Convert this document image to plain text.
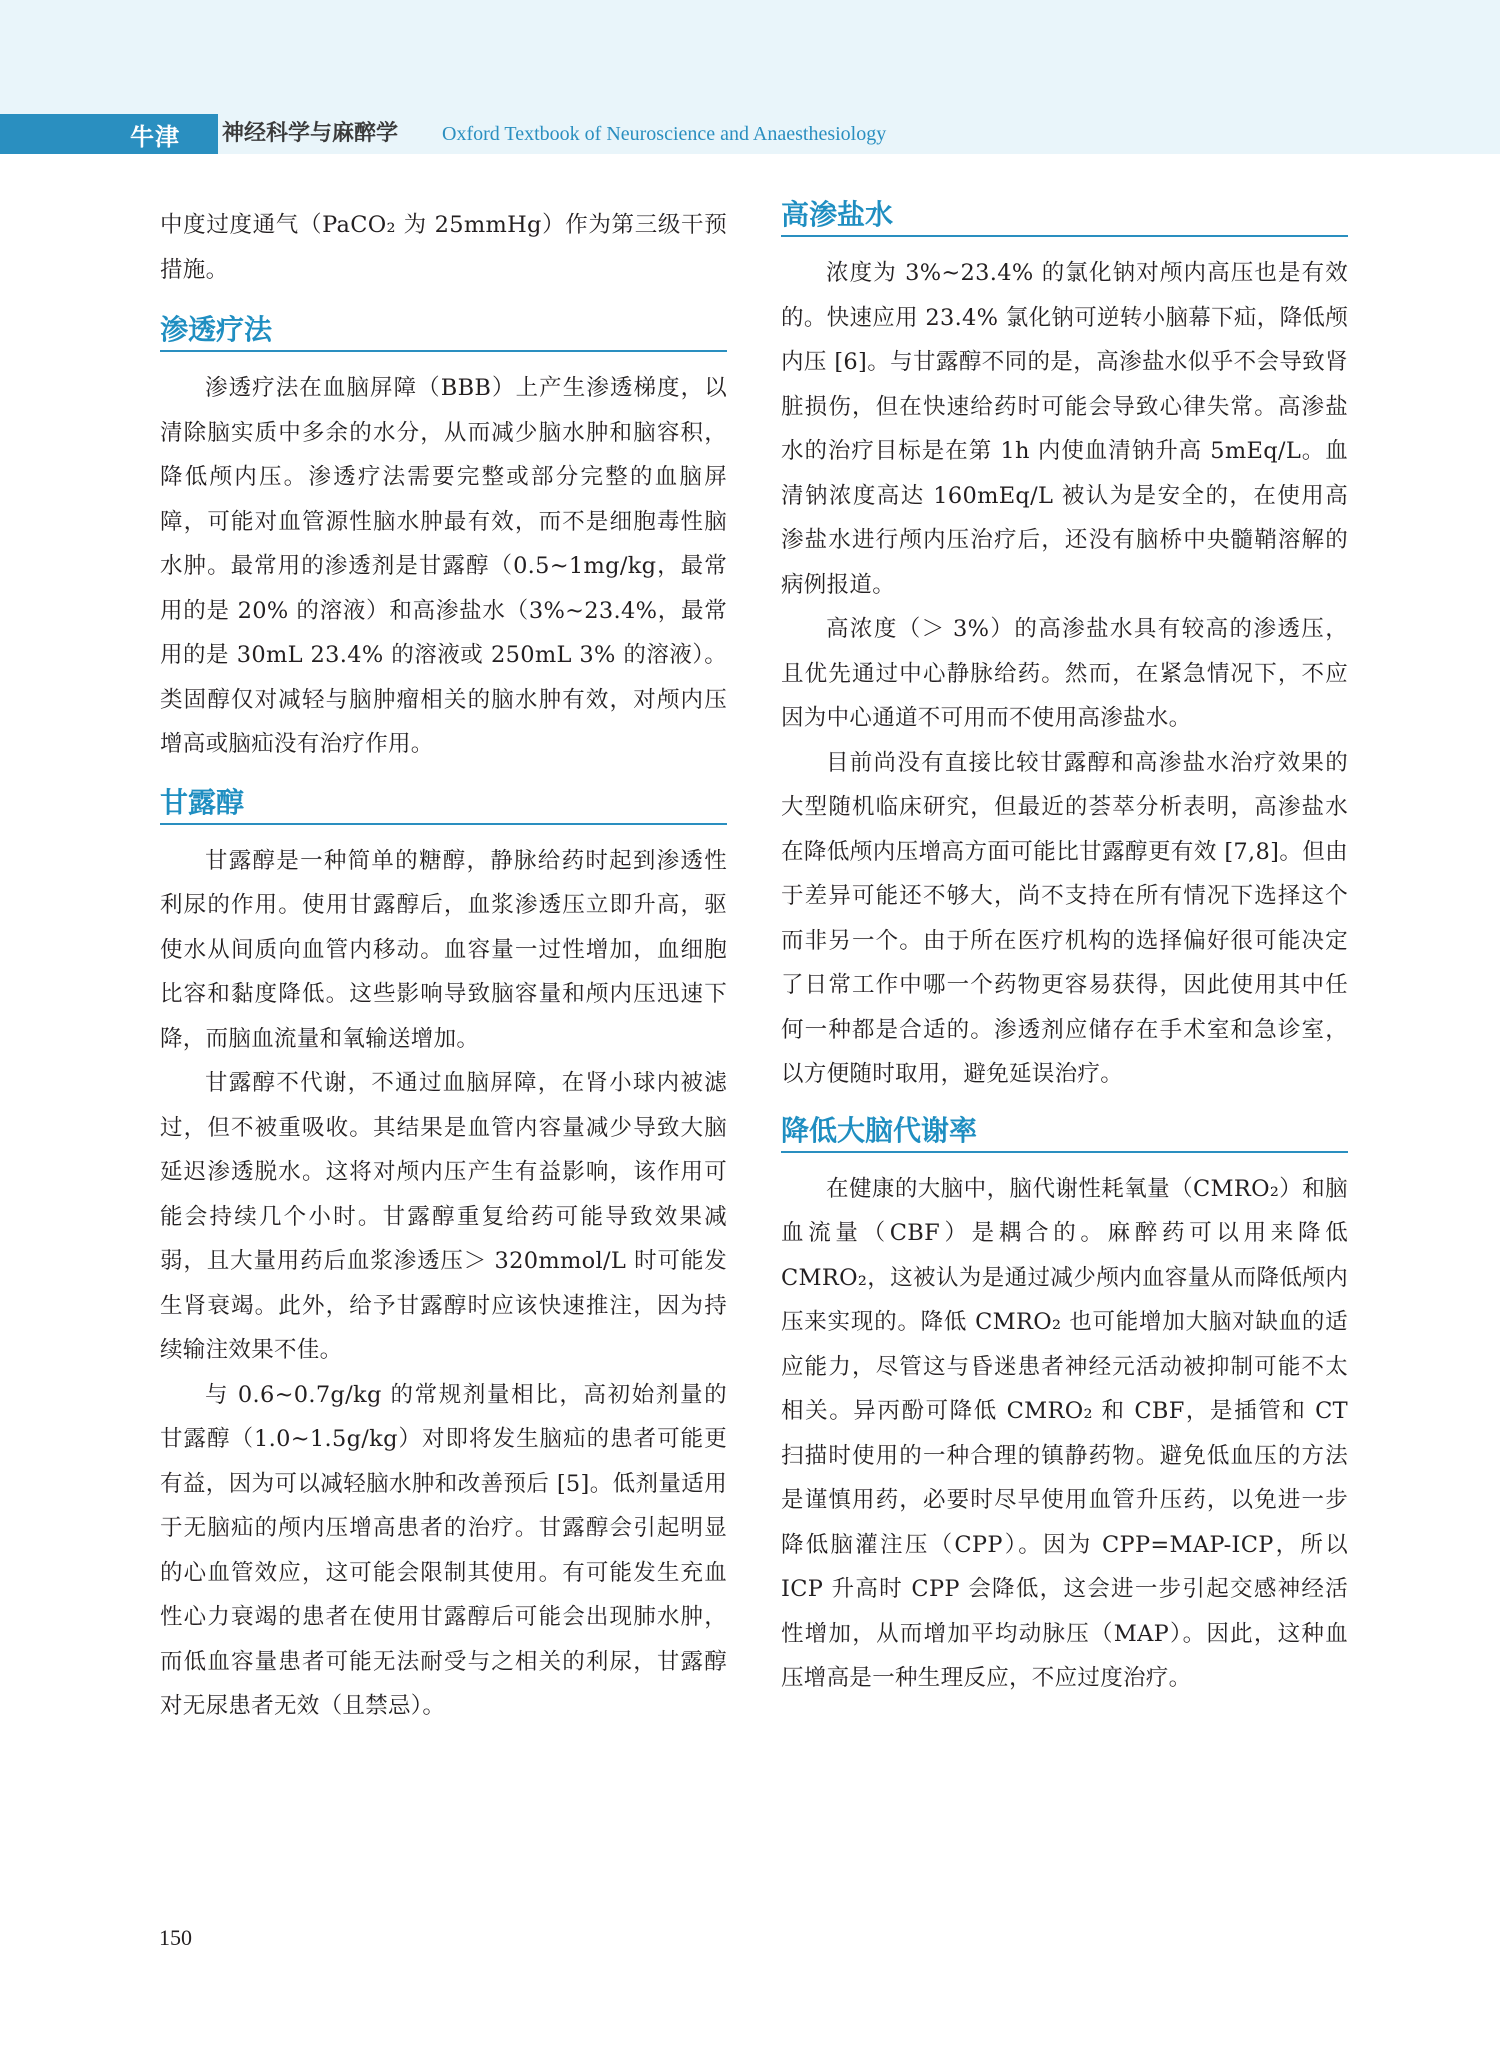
牛津	神经科学与麻醉学 Oxford Textbook of Neuroscience and Anaesthesiology

中度过度通气（PaCO₂ 为 25mmHg）作为第三级干预措施。

渗透疗法

渗透疗法在血脑屏障（BBB）上产生渗透梯度，以清除脑实质中多余的水分，从而减少脑水肿和脑容积，降低颅内压。渗透疗法需要完整或部分完整的血脑屏障，可能对血管源性脑水肿最有效，而不是细胞毒性脑水肿。最常用的渗透剂是甘露醇（0.5~1mg/kg，最常用的是 20% 的溶液）和高渗盐水（3%~23.4%，最常用的是 30mL 23.4% 的溶液或 250mL 3% 的溶液）。类固醇仅对减轻与脑肿瘤相关的脑水肿有效，对颅内压增高或脑疝没有治疗作用。

甘露醇

甘露醇是一种简单的糖醇，静脉给药时起到渗透性利尿的作用。使用甘露醇后，血浆渗透压立即升高，驱使水从间质向血管内移动。血容量一过性增加，血细胞比容和黏度降低。这些影响导致脑容量和颅内压迅速下降，而脑血流量和氧输送增加。

甘露醇不代谢，不通过血脑屏障，在肾小球内被滤过，但不被重吸收。其结果是血管内容量减少导致大脑延迟渗透脱水。这将对颅内压产生有益影响，该作用可能会持续几个小时。甘露醇重复给药可能导致效果减弱，且大量用药后血浆渗透压＞ 320mmol/L 时可能发生肾衰竭。此外，给予甘露醇时应该快速推注，因为持续输注效果不佳。

与 0.6~0.7g/kg 的常规剂量相比，高初始剂量的甘露醇（1.0~1.5g/kg）对即将发生脑疝的患者可能更有益，因为可以减轻脑水肿和改善预后 [5]。低剂量适用于无脑疝的颅内压增高患者的治疗。甘露醇会引起明显的心血管效应，这可能会限制其使用。有可能发生充血性心力衰竭的患者在使用甘露醇后可能会出现肺水肿，而低血容量患者可能无法耐受与之相关的利尿，甘露醇对无尿患者无效（且禁忌）。

高渗盐水

浓度为 3%~23.4% 的氯化钠对颅内高压也是有效的。快速应用 23.4% 氯化钠可逆转小脑幕下疝，降低颅内压 [6]。与甘露醇不同的是，高渗盐水似乎不会导致肾脏损伤，但在快速给药时可能会导致心律失常。高渗盐水的治疗目标是在第 1h 内使血清钠升高 5mEq/L。血清钠浓度高达 160mEq/L 被认为是安全的，在使用高渗盐水进行颅内压治疗后，还没有脑桥中央髓鞘溶解的病例报道。

高浓度（＞ 3%）的高渗盐水具有较高的渗透压，且优先通过中心静脉给药。然而，在紧急情况下，不应因为中心通道不可用而不使用高渗盐水。

目前尚没有直接比较甘露醇和高渗盐水治疗效果的大型随机临床研究，但最近的荟萃分析表明，高渗盐水在降低颅内压增高方面可能比甘露醇更有效 [7,8]。但由于差异可能还不够大，尚不支持在所有情况下选择这个而非另一个。由于所在医疗机构的选择偏好很可能决定了日常工作中哪一个药物更容易获得，因此使用其中任何一种都是合适的。渗透剂应储存在手术室和急诊室，以方便随时取用，避免延误治疗。

降低大脑代谢率

在健康的大脑中，脑代谢性耗氧量（CMRO₂）和脑血流量（CBF）是耦合的。麻醉药可以用来降低 CMRO₂，这被认为是通过减少颅内血容量从而降低颅内压来实现的。降低 CMRO₂ 也可能增加大脑对缺血的适应能力，尽管这与昏迷患者神经元活动被抑制可能不太相关。异丙酚可降低 CMRO₂ 和 CBF，是插管和 CT 扫描时使用的一种合理的镇静药物。避免低血压的方法是谨慎用药，必要时尽早使用血管升压药，以免进一步降低脑灌注压（CPP）。因为 CPP=MAP-ICP，所以 ICP 升高时 CPP 会降低，这会进一步引起交感神经活性增加，从而增加平均动脉压（MAP）。因此，这种血压增高是一种生理反应，不应过度治疗。

150
